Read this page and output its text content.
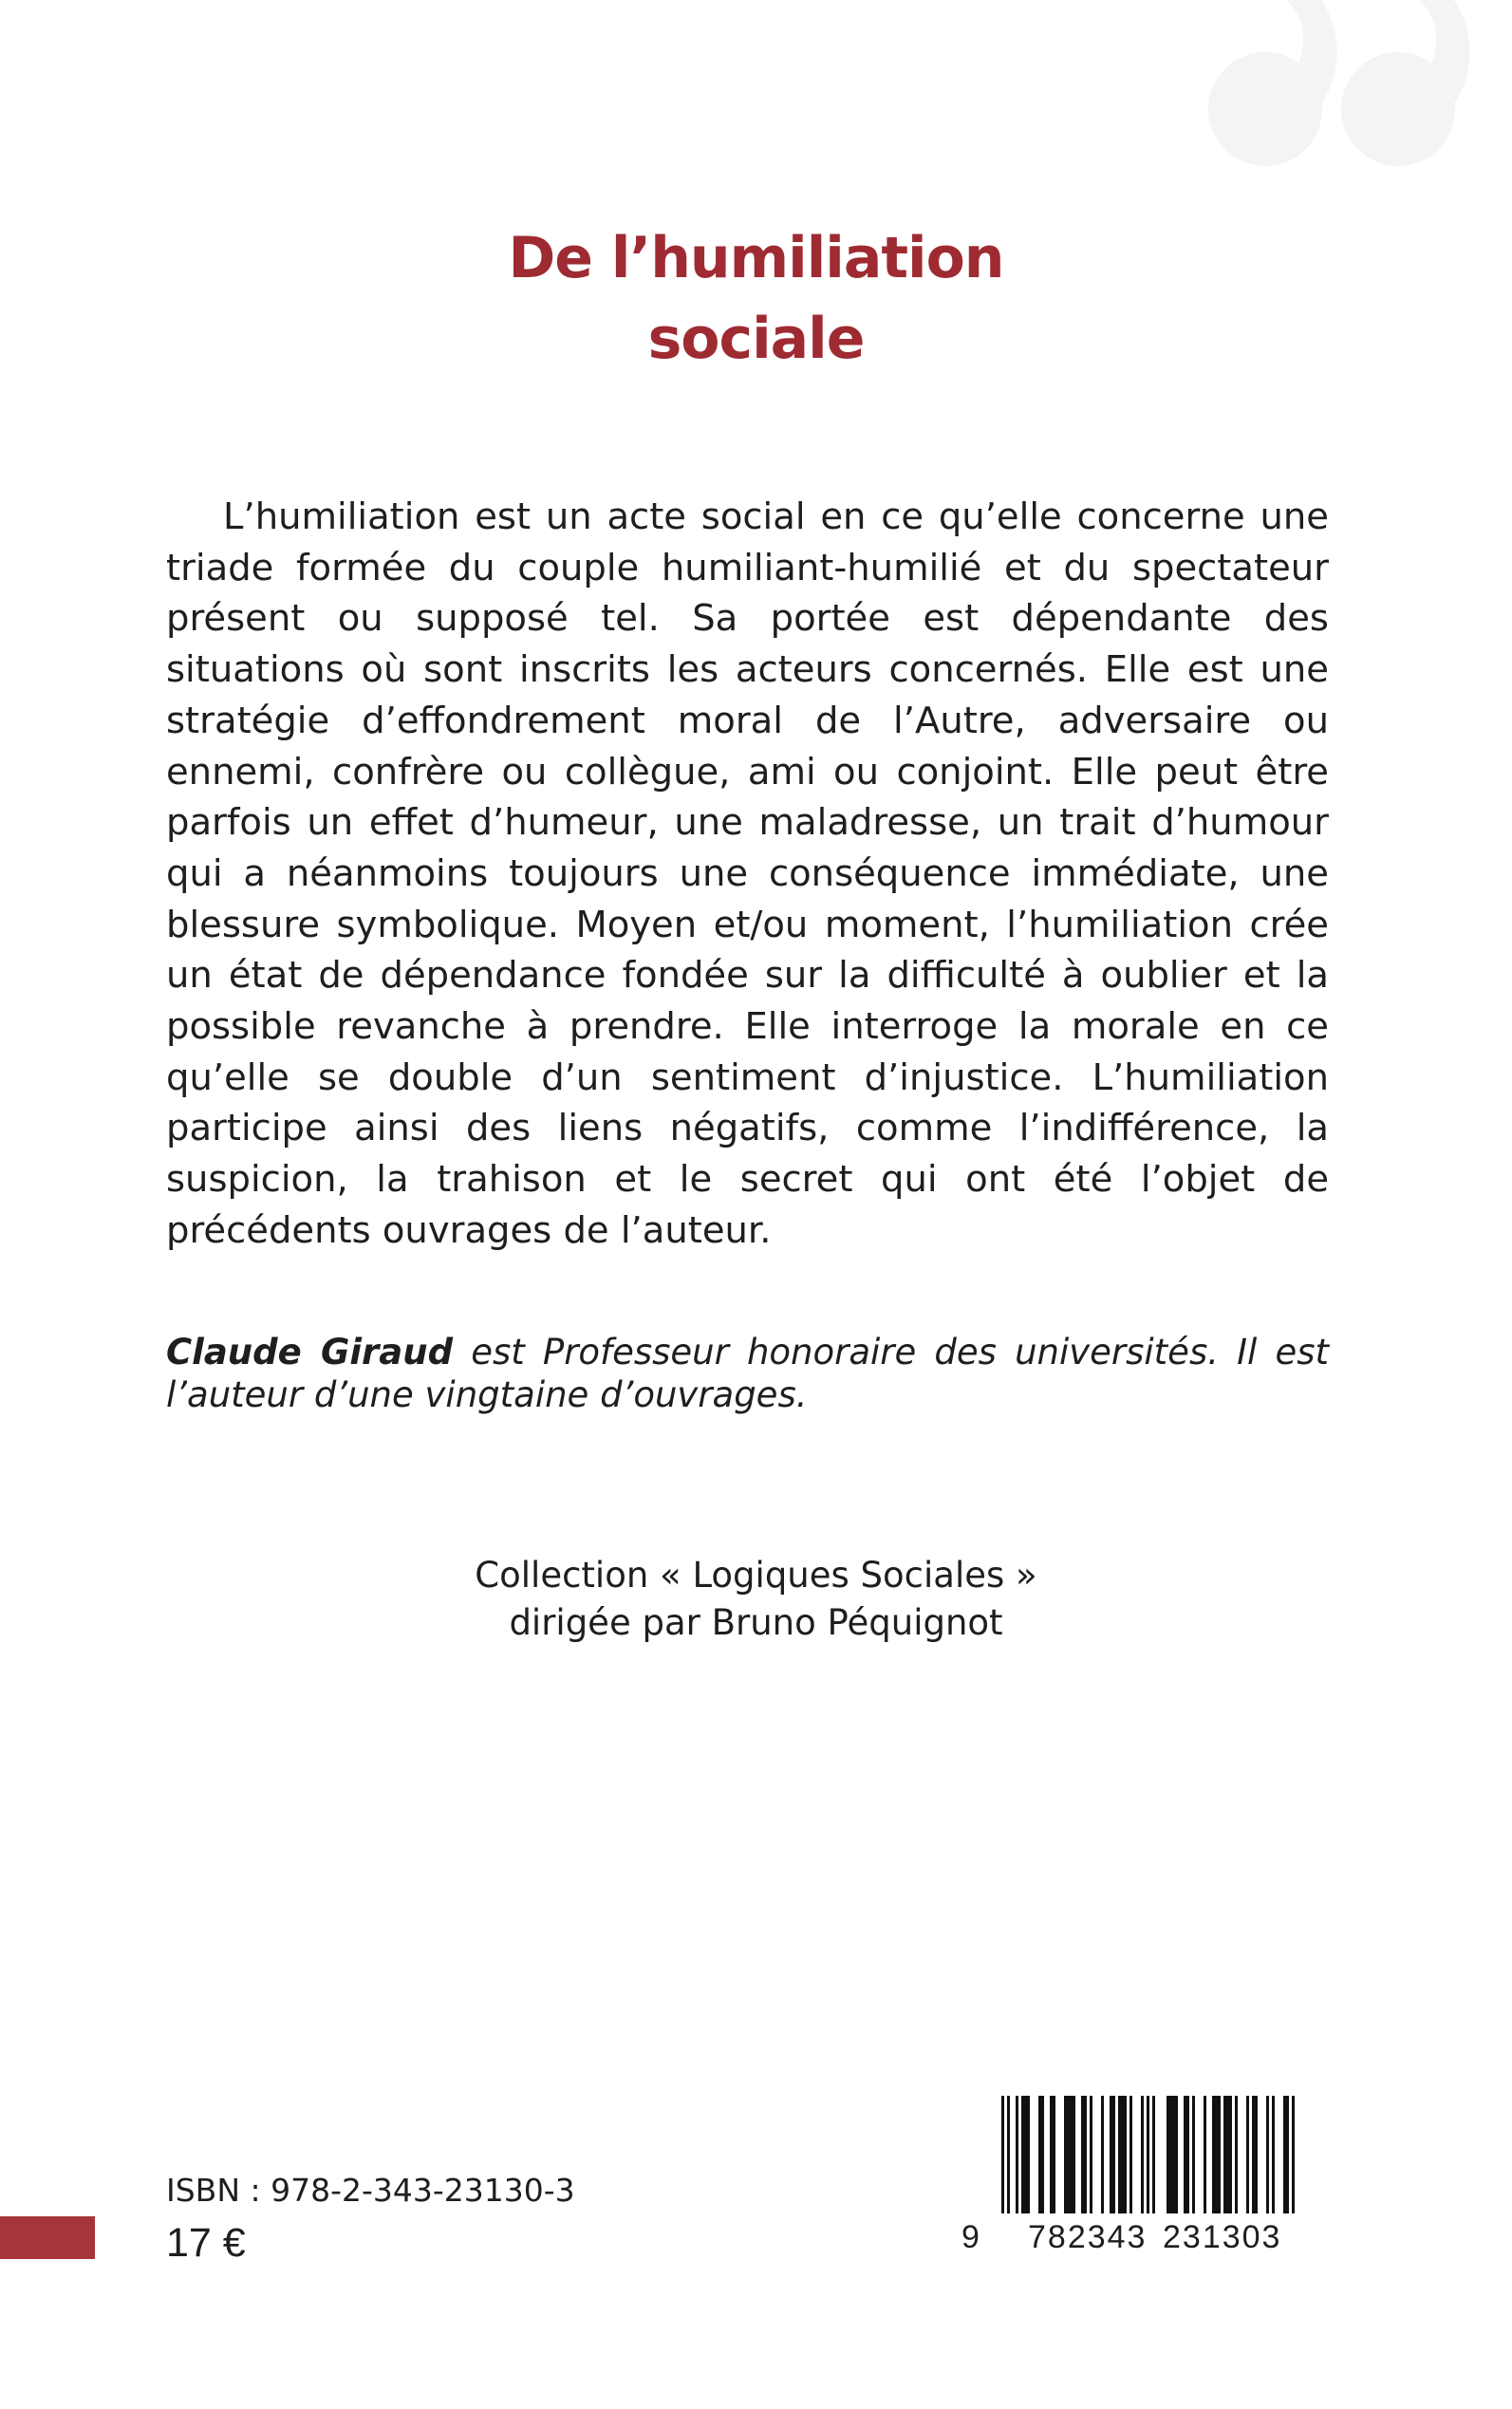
De l’humiliation
sociale

L’humiliation est un acte social en ce qu’elle concerne une triade formée du couple humiliant-humilié et du spectateur présent ou supposé tel. Sa portée est dépendante des situations où sont inscrits les acteurs concernés. Elle est une stratégie d’effondrement moral de l’Autre, adversaire ou ennemi, confrère ou collègue, ami ou conjoint. Elle peut être parfois un effet d’humeur, une maladresse, un trait d’humour qui a néanmoins toujours une conséquence immédiate, une blessure symbolique. Moyen et/ou moment, l’humiliation crée un état de dépendance fondée sur la difficulté à oublier et la possible revanche à prendre. Elle interroge la morale en ce qu’elle se double d’un sentiment d’injustice. L’humiliation participe ainsi des liens négatifs, comme l’indifférence, la suspicion, la trahison et le secret qui ont été l’objet de précédents ouvrages de l’auteur.

Claude Giraud est Professeur honoraire des universités. Il est l’auteur d’une vingtaine d’ouvrages.

Collection « Logiques Sociales »
dirigée par Bruno Péquignot
ISBN : 978-2-343-23130-3
17 €	9 782343 231303
